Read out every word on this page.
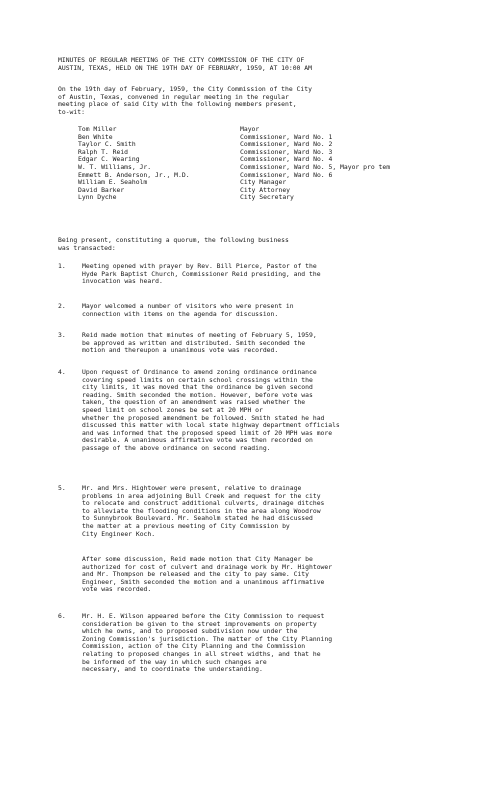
MINUTES OF REGULAR MEETING OF THE CITY COMMISSION OF THE CITY OF
AUSTIN, TEXAS, HELD ON THE 19TH DAY OF FEBRUARY, 1959, AT 10:00 AM
On the 19th day of February, 1959, the City Commission of the City
of Austin, Texas, convened in regular meeting in the regular
meeting place of said City with the following members present,
to-wit:
Tom Miller	Mayor
Ben White	Commissioner, Ward No. 1
Taylor C. Smith	Commissioner, Ward No. 2
Ralph T. Reid	Commissioner, Ward No. 3
Edgar C. Wearing	Commissioner, Ward No. 4
W. T. Williams, Jr.	Commissioner, Ward No. 5, Mayor pro tem
Emmett B. Anderson, Jr., M.D.	Commissioner, Ward No. 6
William E. Seaholm	City Manager
David Barker	City Attorney
Lynn Dyche	City Secretary
Being present, constituting a quorum, the following business
was transacted:
1.	Meeting opened with prayer by Rev. Bill Pierce, Pastor of the
Hyde Park Baptist Church, Commissioner Reid presiding, and the
invocation was heard.
2.	Mayor welcomed a number of visitors who were present in
connection with items on the agenda for discussion.
3.	Reid made motion that minutes of meeting of February 5, 1959,
be approved as written and distributed. Smith seconded the
motion and thereupon a unanimous vote was recorded.
4.	Upon request of Ordinance to amend zoning ordinance ordinance
covering speed limits on certain school crossings within the
city limits, it was moved that the ordinance be given second
reading. Smith seconded the motion. However, before vote was
taken, the question of an amendment was raised whether the
speed limit on school zones be set at 20 MPH or
whether the proposed amendment be followed. Smith stated he had
discussed this matter with local state highway department officials
and was informed that the proposed speed limit of 20 MPH was more
desirable. A unanimous affirmative vote was then recorded on
passage of the above ordinance on second reading.
5.	Mr. and Mrs. Hightower were present, relative to drainage
problems in area adjoining Bull Creek and request for the city
to relocate and construct additional culverts, drainage ditches
to alleviate the flooding conditions in the area along Woodrow
to Sunnybrook Boulevard. Mr. Seaholm stated he had discussed
the matter at a previous meeting of City Commission by
City Engineer Koch.
After some discussion, Reid made motion that City Manager be
authorized for cost of culvert and drainage work by Mr. Hightower
and Mr. Thompson be released and the city to pay same. City
Engineer, Smith seconded the motion and a unanimous affirmative
vote was recorded.
6.	Mr. H. E. Wilson appeared before the City Commission to request
consideration be given to the street improvements on property
which he owns, and to proposed subdivision now under the
Zoning Commission's jurisdiction. The matter of the City Planning
Commission, action of the City Planning and the Commission
relating to proposed changes in all street widths, and that he
be informed of the way in which such changes are
necessary, and to coordinate the understanding.
